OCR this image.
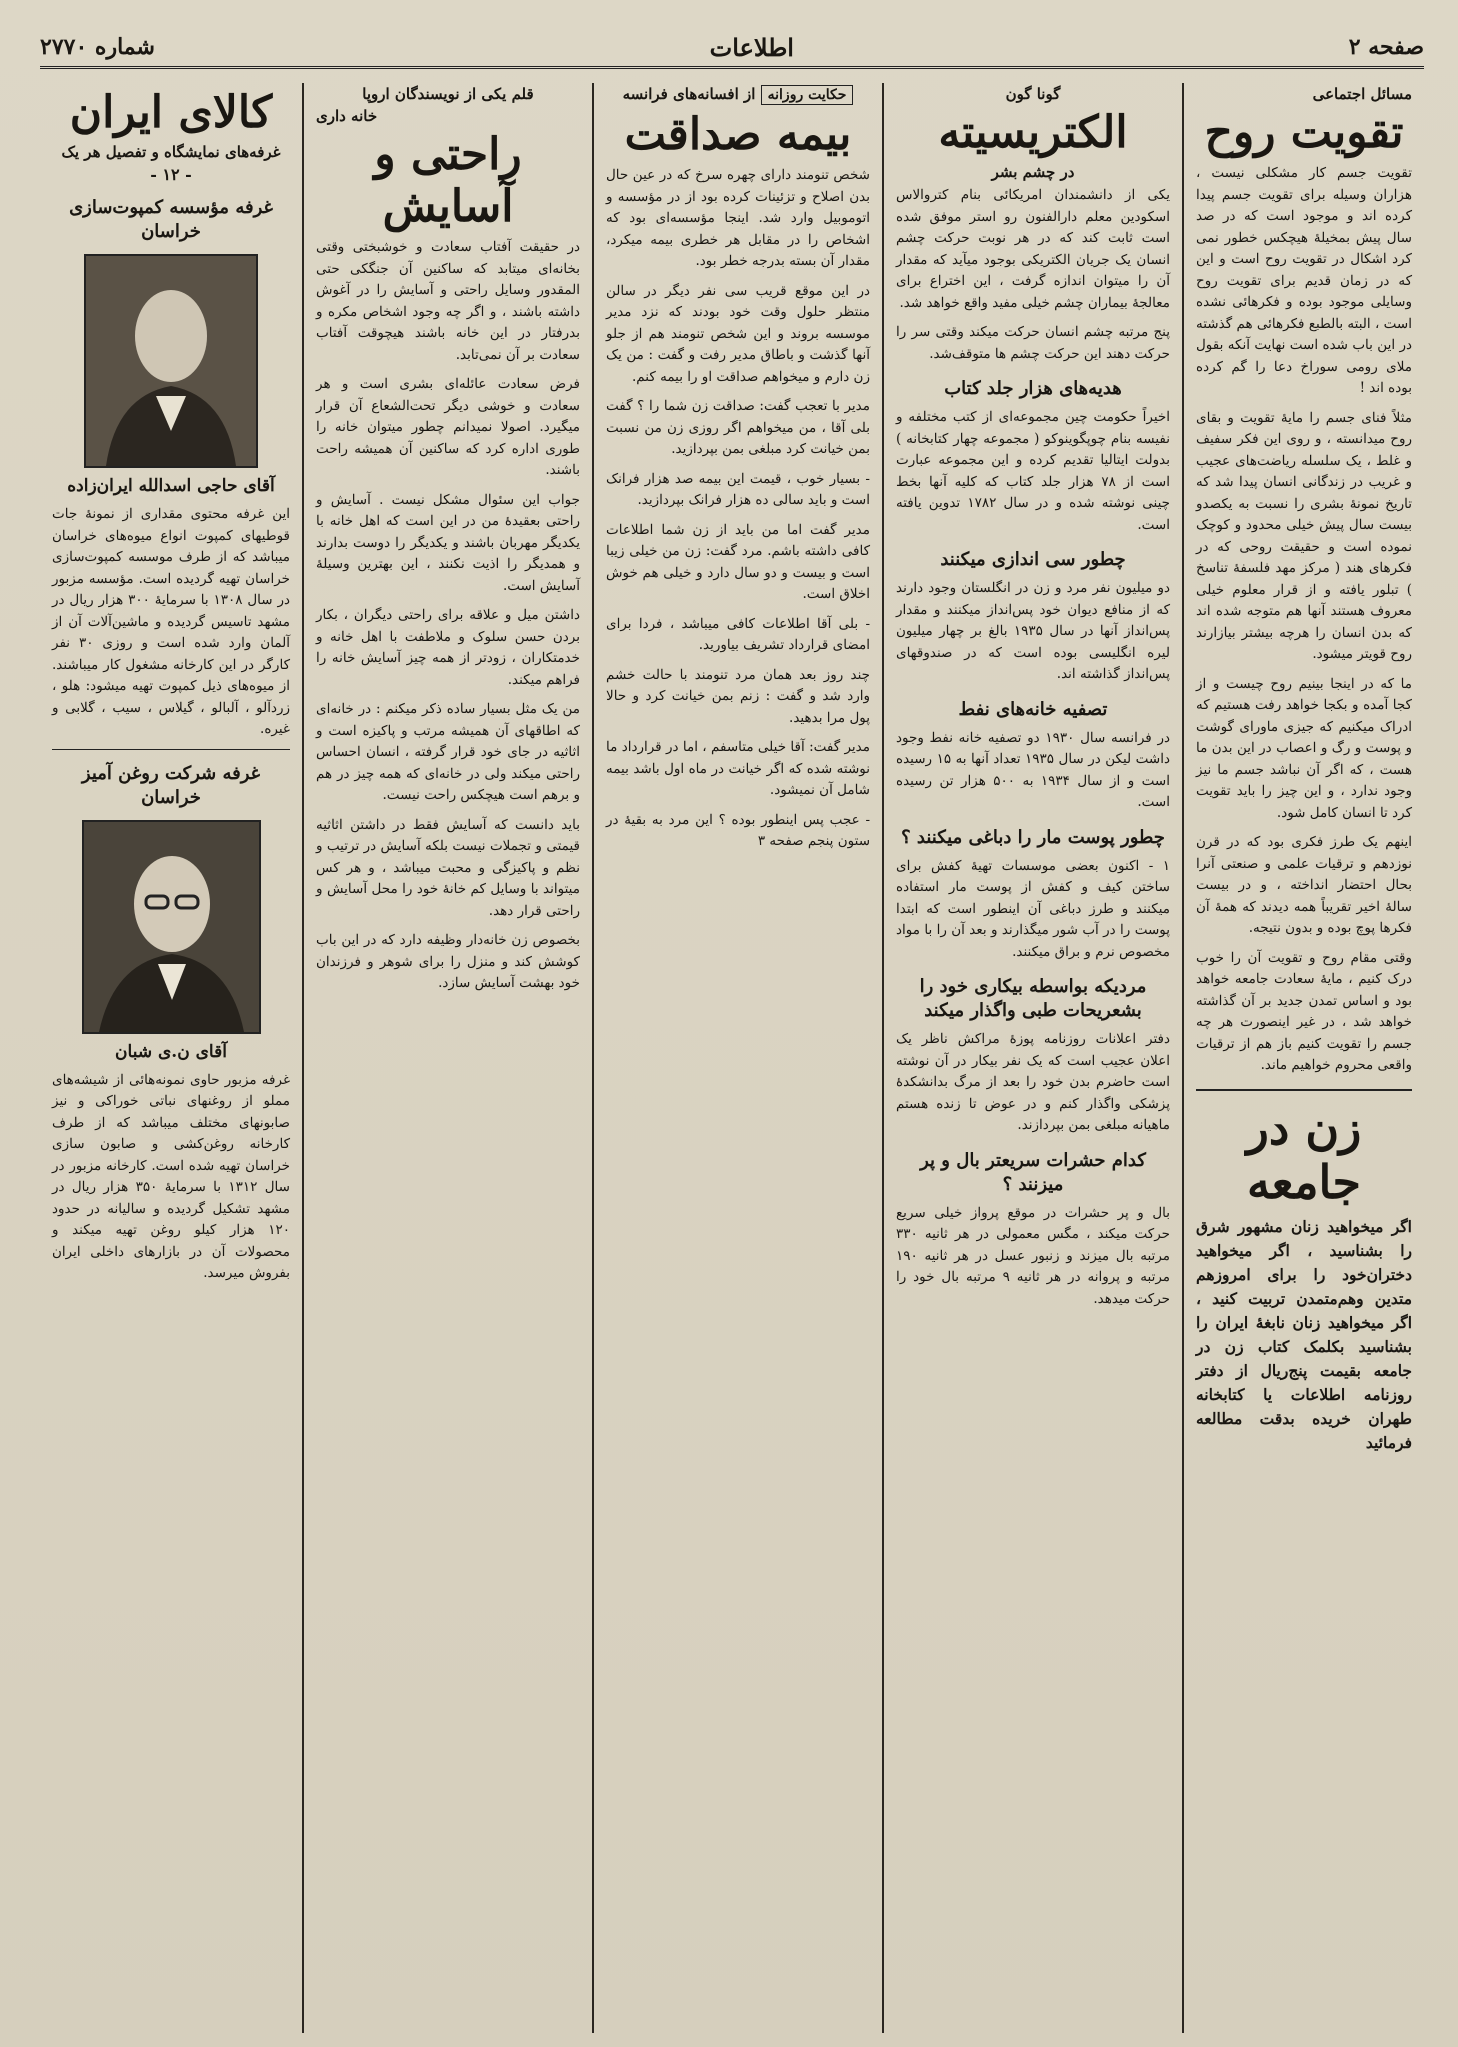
صفحه ۲
اطلاعات
شماره ۲۷۷۰
مسائل اجتماعی
تقویت روح

تقویت جسم کار مشکلی نیست ، هزاران وسیله برای تقویت جسم پیدا کرده اند و موجود است که در صد سال پیش بمخیلهٔ هیچکس خطور نمی کرد اشکال در تقویت روح است و این که در زمان قدیم برای تقویت روح وسایلی موجود بوده و فکرهائی نشده است ، البته بالطبع فکرهائی هم گذشته در این باب شده است نهایت آنکه بقول ملای رومی سوراخ دعا را گم کرده بوده اند !

مثلاً فنای جسم را مایهٔ تقویت و بقای روح میدانسته ، و روی این فکر سفیف و غلط ، یک سلسله ریاضت‌های عجیب و غریب در زندگانی انسان پیدا شد که تاریخ نمونهٔ بشری را نسبت به یکصدو بیست سال پیش خیلی محدود و کوچک نموده است و حقیقت روحی که در فکرهای هند ( مرکز مهد فلسفهٔ تناسخ ) تبلور یافته و از قرار معلوم خیلی معروف هستند آنها هم متوجه شده اند که بدن انسان را هرچه بیشتر بیازارند روح قویتر میشود.

ما که در اینجا بینیم روح چیست و از کجا آمده و بکجا خواهد رفت هستیم که ادراک میکنیم که جیزی ماورای گوشت و پوست و رگ و اعصاب در این بدن ما هست ، که اگر آن نباشد جسم ما نیز وجود ندارد ، و این چیز را باید تقویت کرد تا انسان کامل شود.

اینهم یک طرز فکری بود که در قرن نوزدهم و ترقیات علمی و صنعتی آنرا بحال احتضار انداخته ، و در بیست سالهٔ اخیر تقریباً همه دیدند که همهٔ آن فکرها پوچ بوده و بدون نتیجه.

وقتی مقام روح و تقویت آن را خوب درک کنیم ، مایهٔ سعادت جامعه خواهد بود و اساس تمدن جدید بر آن گذاشته خواهد شد ، در غیر اینصورت هر چه جسم را تقویت کنیم باز هم از ترقیات واقعی محروم خواهیم ماند.

زن در جامعه
اگر میخواهید زنان مشهور شرق را بشناسید ، اگر میخواهید دختران‌خود را برای امروزهم متدین وهم‌متمدن تربیت کنید ، اگر میخواهید زنان نابغهٔ ایران را بشناسید بکلمک کتاب زن در جامعه بقیمت پنج‌ریال از دفتر روزنامه اطلاعات یا کتابخانه طهران خریده بدقت مطالعه فرمائید
گونا گون
الکتریسیته
در چشم بشر

یکی از دانشمندان امریکائی بنام کتروالاس اسکودین معلم دارالفنون رو استر موفق شده است ثابت کند که در هر نوبت حرکت چشم انسان یک جریان الکتریکی بوجود میآید که مقدار آن را میتوان اندازه گرفت ، این اختراع برای معالجهٔ بیماران چشم خیلی مفید واقع خواهد شد.

پنج مرتبه چشم انسان حرکت میکند وقتی سر را حرکت دهند این حرکت چشم ها متوقف‌شد.

هدیه‌های هزار جلد کتاب

اخیراً حکومت چین مجموعه‌ای از کتب مختلفه و نفیسه بنام چوپگوینوکو ( مجموعه چهار کتابخانه ) بدولت ایتالیا تقدیم کرده و این مجموعه عبارت است از ۷۸ هزار جلد کتاب که کلیه آنها بخط چینی نوشته شده و در سال ۱۷۸۲ تدوین یافته است.

چطور سی اندازی میکنند

دو میلیون نفر مرد و زن در انگلستان وجود دارند که از منافع دیوان خود پس‌انداز میکنند و مقدار پس‌انداز آنها در سال ۱۹۳۵ بالغ بر چهار میلیون لیره انگلیسی بوده است که در صندوقهای پس‌انداز گذاشته اند.

تصفیه خانه‌های نفط

در فرانسه سال ۱۹۳۰ دو تصفیه خانه نفط وجود داشت لیکن در سال ۱۹۳۵ تعداد آنها به ۱۵ رسیده است و از سال ۱۹۳۴ به ۵۰۰ هزار تن رسیده است.

چطور پوست مار را دباغی میکنند ؟

۱ - اکنون بعضی موسسات تهیهٔ کفش برای ساختن کیف و کفش از پوست مار استفاده میکنند و طرز دباغی آن اینطور است که ابتدا پوست را در آب شور میگذارند و بعد آن را با مواد مخصوص نرم و براق میکنند.

مردیکه بواسطه بیکاری خود را بشعریحات طبی واگذار میکند

دفتر اعلانات روزنامه پوزهٔ مراکش ناظر یک اعلان عجیب است که یک نفر بیکار در آن نوشته است حاضرم بدن خود را بعد از مرگ بدانشکدهٔ پزشکی واگذار کنم و در عوض تا زنده هستم ماهیانه مبلغی بمن بپردازند.

کدام حشرات سریعتر بال و پر میزنند ؟

بال و پر حشرات در موقع پرواز خیلی سریع حرکت میکند ، مگس معمولی در هر ثانیه ۳۳۰ مرتبه بال میزند و زنبور عسل در هر ثانیه ۱۹۰ مرتبه و پروانه در هر ثانیه ۹ مرتبه بال خود را حرکت میدهد.

حکایت روزانه از افسانه‌های فرانسه
بیمه صداقت

شخص تنومند دارای چهره سرخ که در عین حال بدن اصلاح و تزئینات کرده بود از در مؤسسه و اتوموبیل وارد شد. اینجا مؤسسه‌ای بود که اشخاص را در مقابل هر خطری بیمه میکرد، مقدار آن بسته بدرجه خطر بود.

در این موقع قریب سی نفر دیگر در سالن منتظر حلول وقت خود بودند که نزد مدیر موسسه بروند و این شخص تنومند هم از جلو آنها گذشت و باطاق مدیر رفت و گفت : من یک زن دارم و میخواهم صداقت او را بیمه کنم.

مدیر با تعجب گفت: صداقت زن شما را ؟ گفت بلی آقا ، من میخواهم اگر روزی زن من نسبت بمن خیانت کرد مبلغی بمن بپردازید.

- بسیار خوب ، قیمت این بیمه صد هزار فرانک است و باید سالی ده هزار فرانک بپردازید.

مدیر گفت اما من باید از زن شما اطلاعات کافی داشته باشم. مرد گفت: زن من خیلی زیبا است و بیست و دو سال دارد و خیلی هم خوش اخلاق است.

- بلی آقا اطلاعات کافی میباشد ، فردا برای امضای قرارداد تشریف بیاورید.

چند روز بعد همان مرد تنومند با حالت خشم وارد شد و گفت : زنم بمن خیانت کرد و حالا پول مرا بدهید.

مدیر گفت: آقا خیلی متاسفم ، اما در قرارداد ما نوشته شده که اگر خیانت در ماه اول باشد بیمه شامل آن نمیشود.

- عجب پس اینطور بوده ؟ این مرد به بقیهٔ در ستون پنجم صفحه ۳

قلم یکی از نویسندگان اروپا
خانه داری
راحتی و آسایش

در حقیقت آفتاب سعادت و خوشبختی وقتی بخانه‌ای میتابد که ساکنین آن جنگکی حتی المقدور وسایل راحتی و آسایش را در آغوش داشته باشند ، و اگر چه وجود اشخاص مکره و بدرفتار در این خانه باشند هیچوقت آفتاب سعادت بر آن نمی‌تابد.

فرض سعادت عائله‌ای بشری است و هر سعادت و خوشی دیگر تحت‌الشعاع آن قرار میگیرد. اصولا نمیدانم چطور میتوان خانه را طوری اداره کرد که ساکنین آن همیشه راحت باشند.

جواب این سئوال مشکل نیست . آسایش و راحتی بعقیدهٔ من در این است که اهل خانه با یکدیگر مهربان باشند و یکدیگر را دوست بدارند و همدیگر را اذیت نکنند ، این بهترین وسیلهٔ آسایش است.

داشتن میل و علاقه برای راحتی دیگران ، بکار بردن حسن سلوک و ملاطفت با اهل خانه و خدمتکاران ، زودتر از همه چیز آسایش خانه را فراهم میکند.

من یک مثل بسیار ساده ذکر میکنم : در خانه‌ای که اطاقهای آن همیشه مرتب و پاکیزه است و اثاثیه در جای خود قرار گرفته ، انسان احساس راحتی میکند ولی در خانه‌ای که همه چیز در هم و برهم است هیچکس راحت نیست.

باید دانست که آسایش فقط در داشتن اثاثیه قیمتی و تجملات نیست بلکه آسایش در ترتیب و نظم و پاکیزگی و محبت میباشد ، و هر کس میتواند با وسایل کم خانهٔ خود را محل آسایش و راحتی قرار دهد.

بخصوص زن خانه‌دار وظیفه دارد که در این باب کوشش کند و منزل را برای شوهر و فرزندان خود بهشت آسایش سازد.

کالای ایران
غرفه‌های نمایشگاه و تفصیل هر یک
- ۱۲ -
غرفه مؤسسه کمپوت‌سازی خراسان
آقای حاجی اسدالله‌ ایران‌زاده

این غرفه محتوی مقداری از نمونهٔ جات قوطیهای کمپوت انواع میوه‌های خراسان میباشد که از طرف موسسه کمپوت‌سازی خراسان تهیه گردیده است. مؤسسه مزبور در سال ۱۳۰۸ با سرمایهٔ ۳۰۰ هزار ریال در مشهد تاسیس گردیده و ماشین‌آلات آن از آلمان وارد شده است و روزی ۳۰ نفر کارگر در این کارخانه مشغول کار میباشند. از میوه‌های ذیل کمپوت تهیه میشود: هلو ، زردآلو ، آلبالو ، گیلاس ، سیب ، گلابی و غیره.

غرفه شرکت روغن آمیز خراسان
آقای ن.ی شبان

غرفه مزبور حاوی نمونه‌هائی از شیشه‌های مملو از روغنهای نباتی خوراکی و نیز صابونهای مختلف میباشد که از طرف کارخانه روغن‌کشی و صابون سازی خراسان تهیه شده است. کارخانه مزبور در سال ۱۳۱۲ با سرمایهٔ ۳۵۰ هزار ریال در مشهد تشکیل گردیده و سالیانه در حدود ۱۲۰ هزار کیلو روغن تهیه میکند و محصولات آن در بازارهای داخلی ایران بفروش میرسد.
